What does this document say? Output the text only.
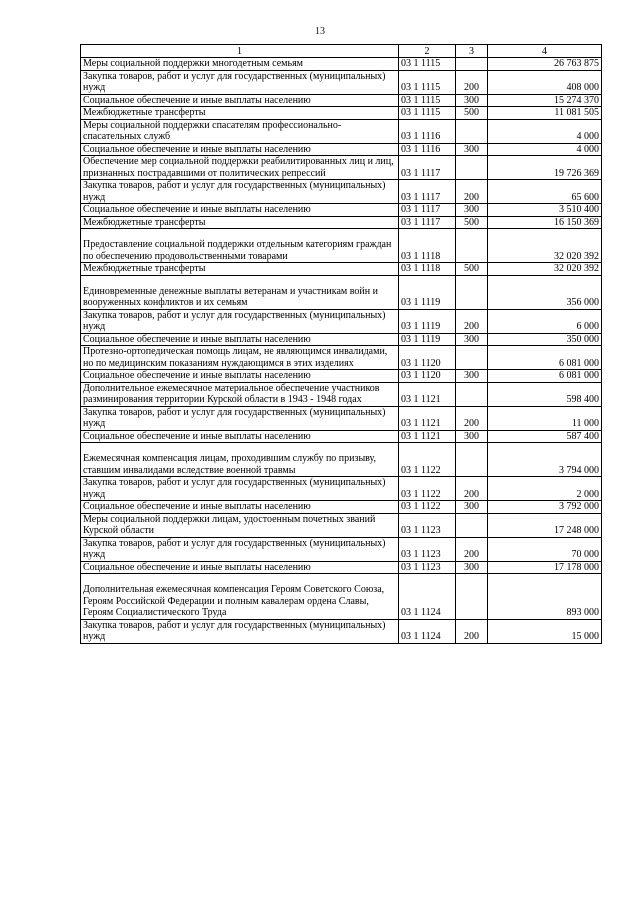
13
1	2	3	4
Меры социальной поддержки многодетным семьям	03 1 1115		26 763 875
Закупка товаров, работ и услуг для государственных (муниципальных) нужд	03 1 1115	200	408 000
Социальное обеспечение и иные выплаты населению	03 1 1115	300	15 274 370
Межбюджетные трансферты	03 1 1115	500	11 081 505
Меры социальной поддержки спасателям профессионально-спасательных служб	03 1 1116		4 000
Социальное обеспечение и иные выплаты населению	03 1 1116	300	4 000
Обеспечение мер социальной поддержки реабилитированных лиц и лиц, признанных пострадавшими от политических репрессий	03 1 1117		19 726 369
Закупка товаров, работ и услуг для государственных (муниципальных) нужд	03 1 1117	200	65 600
Социальное обеспечение и иные выплаты населению	03 1 1117	300	3 510 400
Межбюджетные трансферты	03 1 1117	500	16 150 369
Предоставление социальной поддержки отдельным категориям граждан по обеспечению продовольственными товарами	03 1 1118		32 020 392
Межбюджетные трансферты	03 1 1118	500	32 020 392
Единовременные денежные выплаты ветеранам и участникам войн и вооруженных конфликтов и их семьям	03 1 1119		356 000
Закупка товаров, работ и услуг для государственных (муниципальных) нужд	03 1 1119	200	6 000
Социальное обеспечение и иные выплаты населению	03 1 1119	300	350 000
Протезно-ортопедическая помощь лицам, не являющимся инвалидами, но по медицинским показаниям нуждающимся в этих изделиях	03 1 1120		6 081 000
Социальное обеспечение и иные выплаты населению	03 1 1120	300	6 081 000
Дополнительное ежемесячное материальное обеспечение участников разминирования территории Курской области в 1943 - 1948 годах	03 1 1121		598 400
Закупка товаров, работ и услуг для государственных (муниципальных) нужд	03 1 1121	200	11 000
Социальное обеспечение и иные выплаты населению	03 1 1121	300	587 400
Ежемесячная компенсация лицам, проходившим службу по призыву, ставшим инвалидами вследствие военной травмы	03 1 1122		3 794 000
Закупка товаров, работ и услуг для государственных (муниципальных) нужд	03 1 1122	200	2 000
Социальное обеспечение и иные выплаты населению	03 1 1122	300	3 792 000
Меры социальной поддержки лицам, удостоенным почетных званий Курской области	03 1 1123		17 248 000
Закупка товаров, работ и услуг для государственных (муниципальных) нужд	03 1 1123	200	70 000
Социальное обеспечение и иные выплаты населению	03 1 1123	300	17 178 000
Дополнительная ежемесячная компенсация Героям Советского Союза, Героям Российской Федерации и полным кавалерам ордена Славы, Героям Социалистического Труда	03 1 1124		893 000
Закупка товаров, работ и услуг для государственных (муниципальных) нужд	03 1 1124	200	15 000
